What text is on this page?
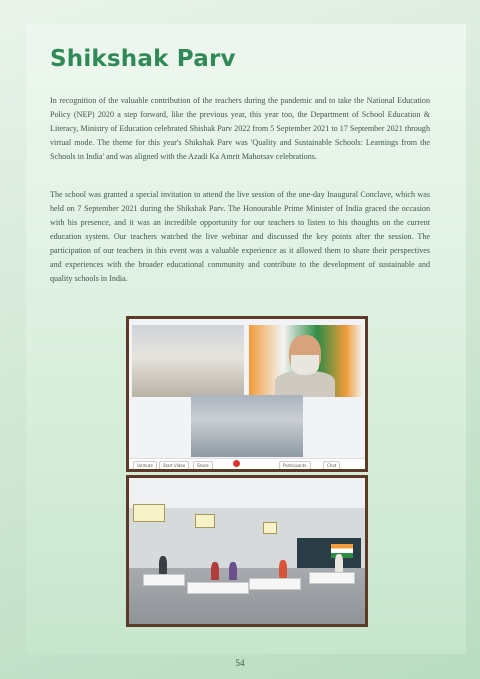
Shikshak Parv

In recognition of the valuable contribution of the teachers during the pandemic and to take the National Education Policy (NEP) 2020 a step forward, like the previous year, this year too, the Department of School Education & Literacy, Ministry of Education celebrated Shishak Parv 2022 from 5 September 2021 to 17 September 2021 through virtual mode. The theme for this year's Shikshak Parv was 'Quality and Sustainable Schools: Learnings from the Schools in India' and was aligned with the Azadi Ka Amrit Mahotsav celebrations.

The school was granted a special invitation to attend the live session of the one-day Inaugural Conclave, which was held on 7 September 2021 during the Shikshak Parv. The Honourable Prime Minister of India graced the occasion with his presence, and it was an incredible opportunity for our teachers to listen to his thoughts on the current education system. Our teachers watched the live webinar and discussed the key points after the session. The participation of our teachers in this event was a valuable experience as it allowed them to share their perspectives and experiences with the broader educational community and contribute to the development of sustainable and quality schools in India.

Unmute	Start Video	Share	Participants	Chat
54
